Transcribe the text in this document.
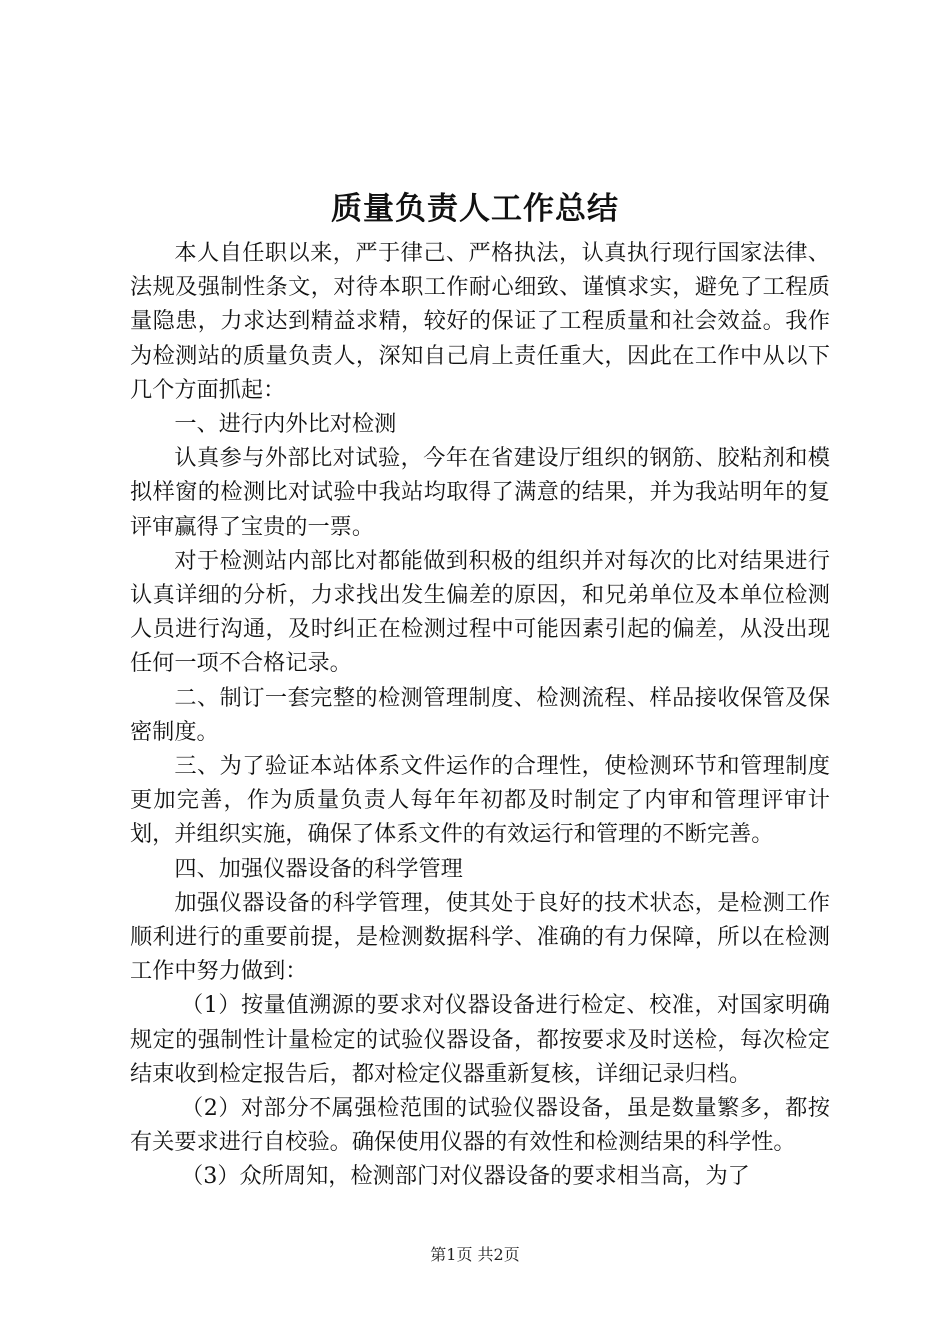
质量负责人工作总结

本人自任职以来，严于律己、严格执法，认真执行现行国家法律、法规及强制性条文，对待本职工作耐心细致、谨慎求实，避免了工程质量隐患，力求达到精益求精，较好的保证了工程质量和社会效益。我作为检测站的质量负责人，深知自己肩上责任重大，因此在工作中从以下几个方面抓起：

一、进行内外比对检测

认真参与外部比对试验，今年在省建设厅组织的钢筋、胶粘剂和模拟样窗的检测比对试验中我站均取得了满意的结果，并为我站明年的复评审赢得了宝贵的一票。

对于检测站内部比对都能做到积极的组织并对每次的比对结果进行认真详细的分析，力求找出发生偏差的原因，和兄弟单位及本单位检测人员进行沟通，及时纠正在检测过程中可能因素引起的偏差，从没出现任何一项不合格记录。

二、制订一套完整的检测管理制度、检测流程、样品接收保管及保密制度。

三、为了验证本站体系文件运作的合理性，使检测环节和管理制度更加完善，作为质量负责人每年年初都及时制定了内审和管理评审计划，并组织实施，确保了体系文件的有效运行和管理的不断完善。

四、加强仪器设备的科学管理

加强仪器设备的科学管理，使其处于良好的技术状态，是检测工作顺利进行的重要前提，是检测数据科学、准确的有力保障，所以在检测工作中努力做到：

（1）按量值溯源的要求对仪器设备进行检定、校准，对国家明确规定的强制性计量检定的试验仪器设备，都按要求及时送检，每次检定结束收到检定报告后，都对检定仪器重新复核，详细记录归档。

（2）对部分不属强检范围的试验仪器设备，虽是数量繁多，都按有关要求进行自校验。确保使用仪器的有效性和检测结果的科学性。

（3）众所周知，检测部门对仪器设备的要求相当高，为了

第1页 共2页
